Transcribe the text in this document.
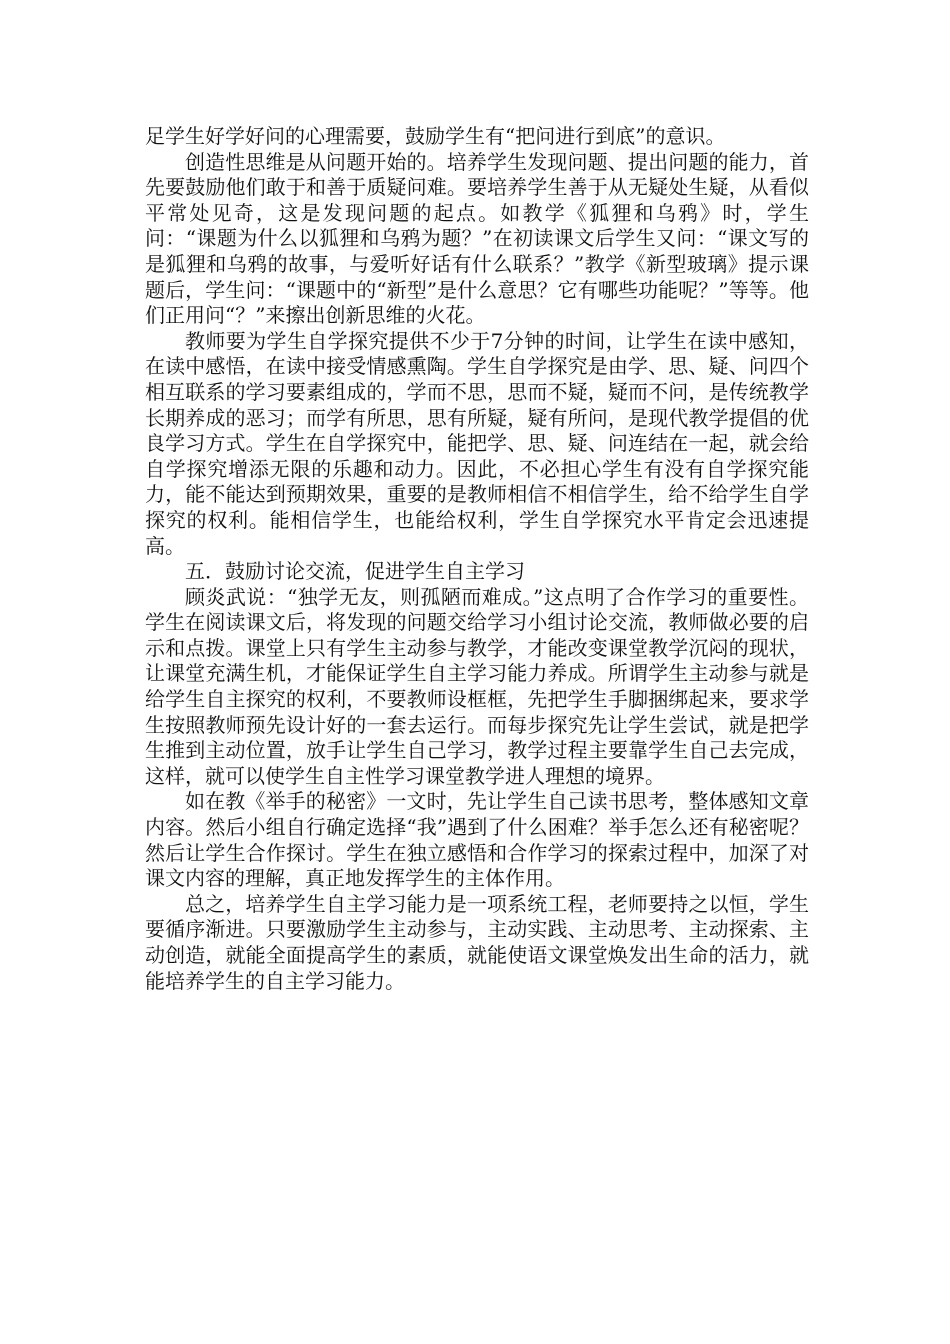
足学生好学好问的心理需要，鼓励学生有“把问进行到底”的意识。

创造性思维是从问题开始的。培养学生发现问题、提出问题的能力，首先要鼓励他们敢于和善于质疑问难。要培养学生善于从无疑处生疑，从看似平常处见奇，这是发现问题的起点。如教学《狐狸和乌鸦》时，学生问：“课题为什么以狐狸和乌鸦为题？”在初读课文后学生又问：“课文写的是狐狸和乌鸦的故事，与爱听好话有什么联系？”教学《新型玻璃》提示课题后，学生问：“课题中的“新型”是什么意思？它有哪些功能呢？”等等。他们正用问“？”来擦出创新思维的火花。

教师要为学生自学探究提供不少于7分钟的时间，让学生在读中感知，在读中感悟，在读中接受情感熏陶。学生自学探究是由学、思、疑、问四个相互联系的学习要素组成的，学而不思，思而不疑，疑而不问，是传统教学长期养成的恶习；而学有所思，思有所疑，疑有所问，是现代教学提倡的优良学习方式。学生在自学探究中，能把学、思、疑、问连结在一起，就会给自学探究增添无限的乐趣和动力。因此，不必担心学生有没有自学探究能力，能不能达到预期效果，重要的是教师相信不相信学生，给不给学生自学探究的权利。能相信学生，也能给权利，学生自学探究水平肯定会迅速提高。

五．鼓励讨论交流，促进学生自主学习

顾炎武说：“独学无友，则孤陋而难成。”这点明了合作学习的重要性。学生在阅读课文后，将发现的问题交给学习小组讨论交流，教师做必要的启示和点拨。课堂上只有学生主动参与教学，才能改变课堂教学沉闷的现状，让课堂充满生机，才能保证学生自主学习能力养成。所谓学生主动参与就是给学生自主探究的权利，不要教师设框框，先把学生手脚捆绑起来，要求学生按照教师预先设计好的一套去运行。而每步探究先让学生尝试，就是把学生推到主动位置，放手让学生自己学习，教学过程主要靠学生自己去完成，这样，就可以使学生自主性学习课堂教学进人理想的境界。

如在教《举手的秘密》一文时，先让学生自己读书思考，整体感知文章内容。然后小组自行确定选择“我”遇到了什么困难？举手怎么还有秘密呢？然后让学生合作探讨。学生在独立感悟和合作学习的探索过程中，加深了对课文内容的理解，真正地发挥学生的主体作用。

总之，培养学生自主学习能力是一项系统工程，老师要持之以恒，学生要循序渐进。只要激励学生主动参与，主动实践、主动思考、主动探索、主动创造，就能全面提高学生的素质，就能使语文课堂焕发出生命的活力，就能培养学生的自主学习能力。
